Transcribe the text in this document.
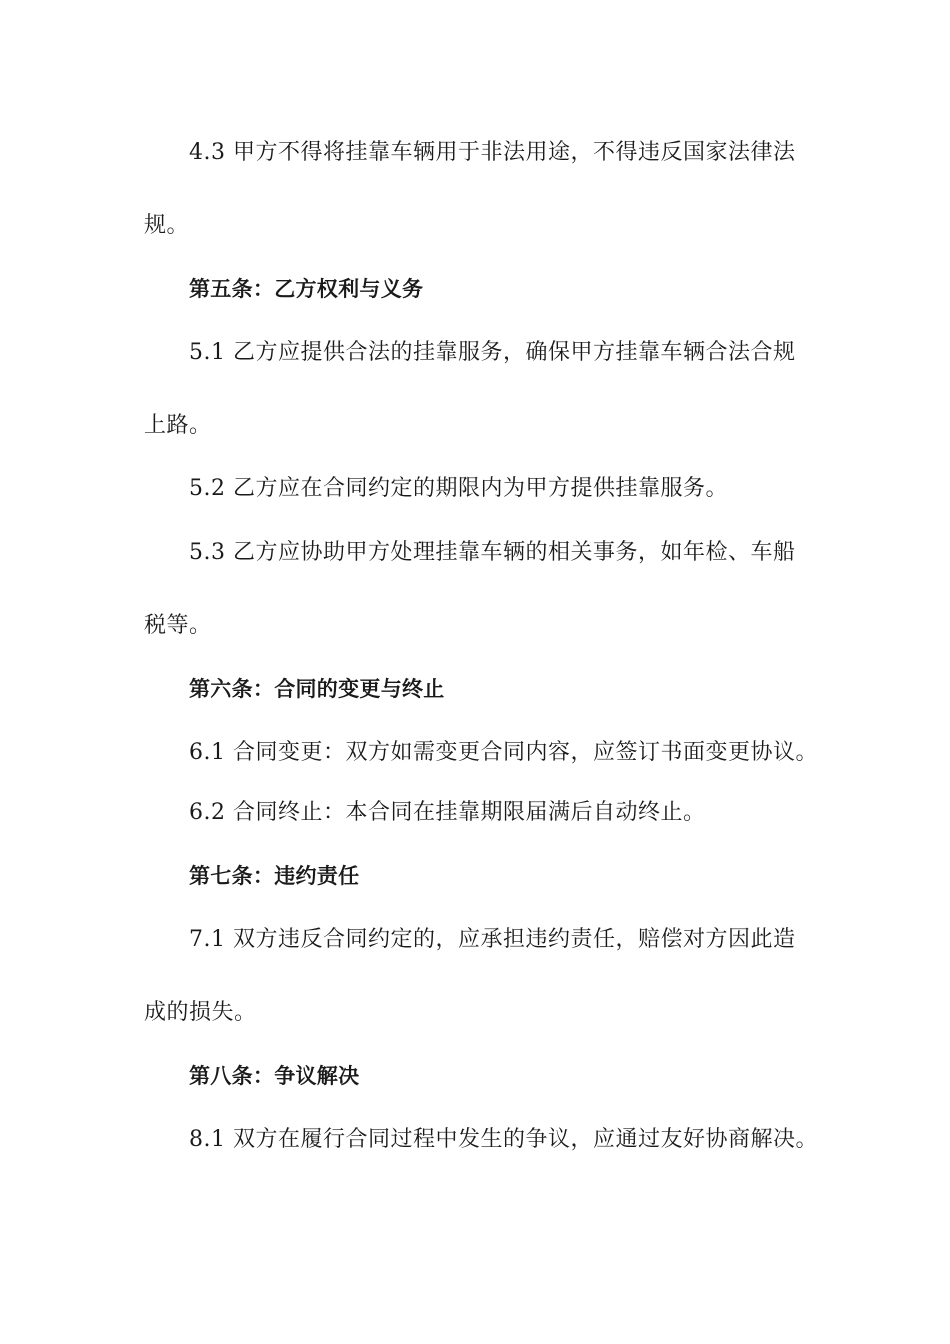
4.3 甲方不得将挂靠车辆用于非法用途，不得违反国家法律法
规。
第五条：乙方权利与义务
5.1 乙方应提供合法的挂靠服务，确保甲方挂靠车辆合法合规
上路。
5.2 乙方应在合同约定的期限内为甲方提供挂靠服务。
5.3 乙方应协助甲方处理挂靠车辆的相关事务，如年检、车船
税等。
第六条：合同的变更与终止
6.1 合同变更：双方如需变更合同内容，应签订书面变更协议。
6.2 合同终止：本合同在挂靠期限届满后自动终止。
第七条：违约责任
7.1 双方违反合同约定的，应承担违约责任，赔偿对方因此造
成的损失。
第八条：争议解决
8.1 双方在履行合同过程中发生的争议，应通过友好协商解决。
